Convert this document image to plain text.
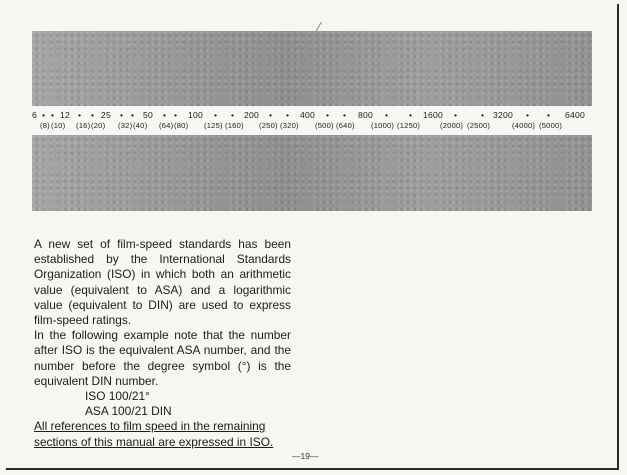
6 • • 12 • • 25 • • 50 • • 100 • • 200 • • 400 • • 800 • • 1600 •	• 3200 • • 6400
(8) (10) (16) (20) (32) (40) (64) (80) (125) (160) (250) (320) (500) (640) (1000) (1250)	(2000) (2500)	(4000) (5000)

A new set of film-speed standards has been established by the International Standards Organization (ISO) in which both an arithmetic value (equivalent to ASA) and a logarithmic value (equivalent to DIN) are used to express film-speed ratings.

In the following example note that the number after ISO is the equivalent ASA number, and the number before the degree symbol (°) is the equivalent DIN number.

ISO 100/21°

ASA 100/21 DIN

All references to film speed in the remaining
sections of this manual are expressed in ISO.

—19—
